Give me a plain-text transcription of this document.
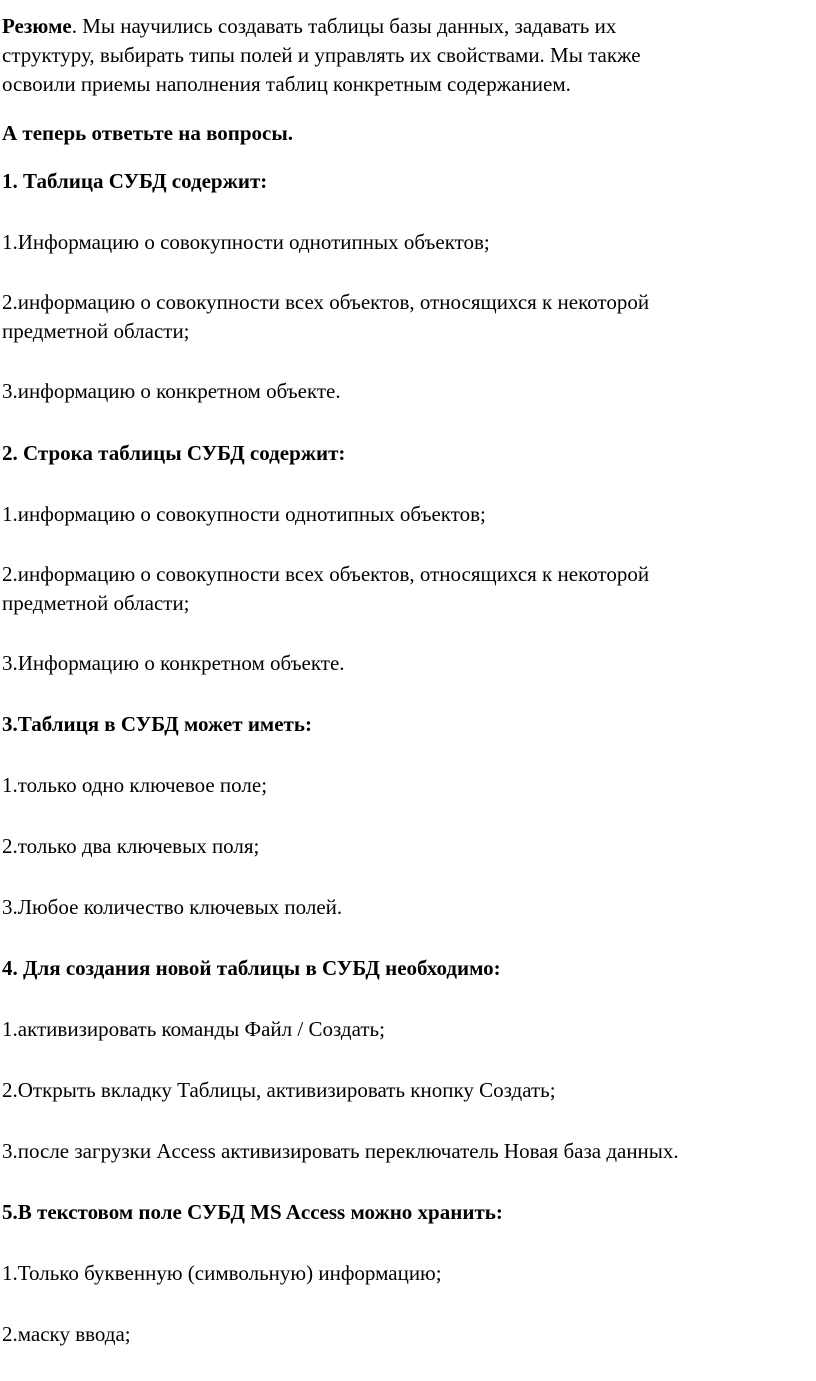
Резюме. Мы научились создавать таблицы базы данных, задавать их
структуру, выбирать типы полей и управлять их свойствами. Мы также
освоили приемы наполнения таблиц конкретным содержанием.
А теперь ответьте на вопросы.
1. Таблица СУБД содержит:
1.Информацию о совокупности однотипных объектов;
2.информацию о совокупности всех объектов, относящихся к некоторой
предметной области;
3.информацию о конкретном объекте.
2. Строка таблицы СУБД содержит:
1.информацию о совокупности однотипных объектов;
2.информацию о совокупности всех объектов, относящихся к некоторой
предметной области;
3.Информацию о конкретном объекте.
3.Таблиця в СУБД может иметь:
1.только одно ключевое поле;
2.только два ключевых поля;
3.Любое количество ключевых полей.
4. Для создания новой таблицы в СУБД необходимо:
1.активизировать команды Файл / Создать;
2.Открыть вкладку Таблицы, активизировать кнопку Создать;
3.после загрузки Access активизировать переключатель Новая база данных.
5.В текстовом поле СУБД MS Access можно хранить:
1.Только буквенную (символьную) информацию;
2.маску ввода;
